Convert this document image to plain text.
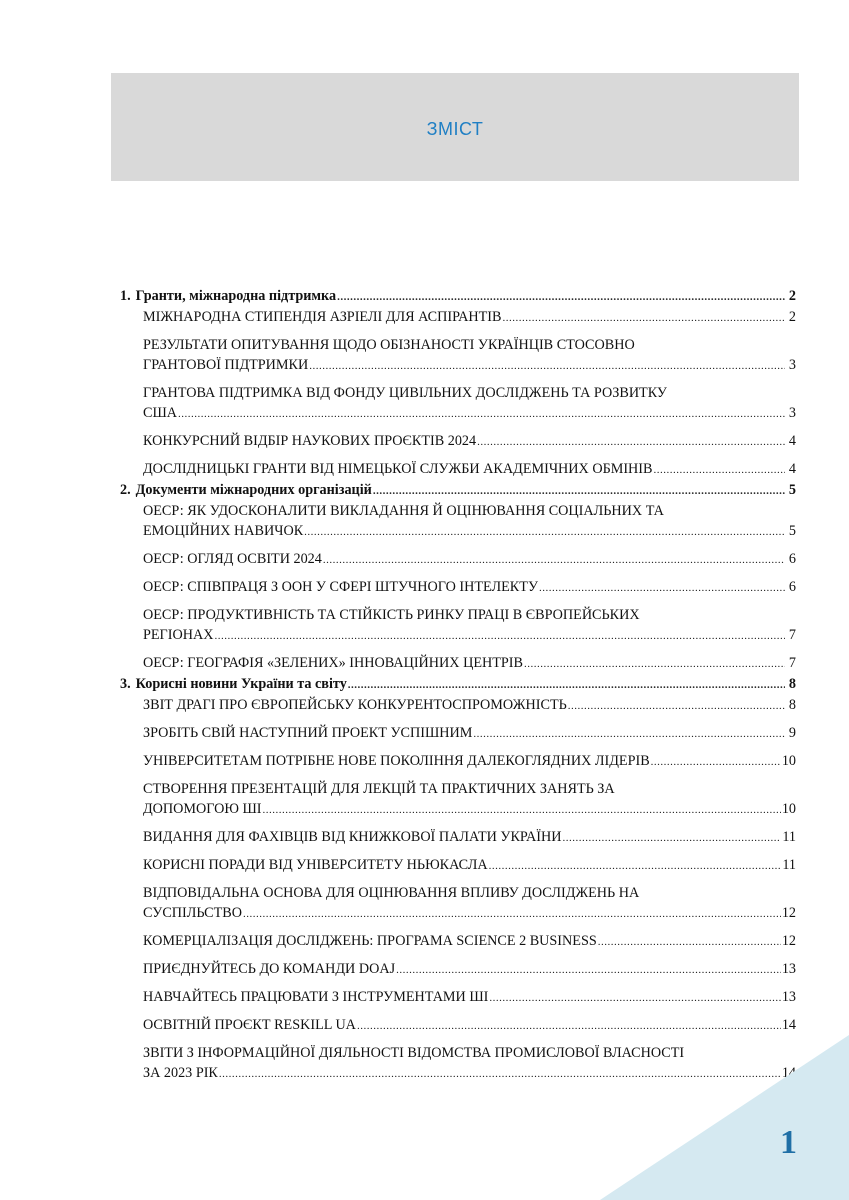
ЗМІСТ
1. Гранти, міжнародна підтримка .....	2
МІЖНАРОДНА СТИПЕНДІЯ АЗРІЕЛІ ДЛЯ АСПІРАНТІВ .....	2
РЕЗУЛЬТАТИ ОПИТУВАННЯ ЩОДО ОБІЗНАНОСТІ УКРАЇНЦІВ СТОСОВНО
ГРАНТОВОЇ ПІДТРИМКИ .....	3
ГРАНТОВА ПІДТРИМКА ВІД ФОНДУ ЦИВІЛЬНИХ ДОСЛІДЖЕНЬ ТА РОЗВИТКУ
США .....	3
КОНКУРСНИЙ ВІДБІР НАУКОВИХ ПРОЄКТІВ 2024 .....	4
ДОСЛІДНИЦЬКІ ГРАНТИ ВІД НІМЕЦЬКОЇ СЛУЖБИ АКАДЕМІЧНИХ ОБМІНІВ .....	4
2. Документи міжнародних організацій .....	5
ОЕСР: ЯК УДОСКОНАЛИТИ ВИКЛАДАННЯ Й ОЦІНЮВАННЯ СОЦІАЛЬНИХ ТА
ЕМОЦІЙНИХ НАВИЧОК .....	5
ОЕСР: ОГЛЯД ОСВІТИ 2024 .....	6
ОЕСР: СПІВПРАЦЯ З ООН У СФЕРІ ШТУЧНОГО ІНТЕЛЕКТУ .....	6
ОЕСР: ПРОДУКТИВНІСТЬ ТА СТІЙКІСТЬ РИНКУ ПРАЦІ В ЄВРОПЕЙСЬКИХ
РЕГІОНАХ .....	7
ОЕСР: ГЕОГРАФІЯ «ЗЕЛЕНИХ» ІННОВАЦІЙНИХ ЦЕНТРІВ .....	7
3. Корисні новини України та світу .....	8
ЗВІТ ДРАГІ ПРО ЄВРОПЕЙСЬКУ КОНКУРЕНТОСПРОМОЖНІСТЬ .....	8
ЗРОБІТЬ СВІЙ НАСТУПНИЙ ПРОЕКТ УСПІШНИМ .....	9
УНІВЕРСИТЕТАМ ПОТРІБНЕ НОВЕ ПОКОЛІННЯ ДАЛЕКОГЛЯДНИХ ЛІДЕРІВ .....	10
СТВОРЕННЯ ПРЕЗЕНТАЦІЙ ДЛЯ ЛЕКЦІЙ ТА ПРАКТИЧНИХ ЗАНЯТЬ ЗА
ДОПОМОГОЮ ШІ .....	10
ВИДАННЯ ДЛЯ ФАХІВЦІВ ВІД КНИЖКОВОЇ ПАЛАТИ УКРАЇНИ .....	11
КОРИСНІ ПОРАДИ ВІД УНІВЕРСИТЕТУ НЬЮКАСЛА .....	11
ВІДПОВІДАЛЬНА ОСНОВА ДЛЯ ОЦІНЮВАННЯ ВПЛИВУ ДОСЛІДЖЕНЬ НА
СУСПІЛЬСТВО .....	12
КОМЕРЦІАЛІЗАЦІЯ ДОСЛІДЖЕНЬ: ПРОГРАМА SCIENCE 2 BUSINESS .....	12
ПРИЄДНУЙТЕСЬ ДО КОМАНДИ DOAJ .....	13
НАВЧАЙТЕСЬ ПРАЦЮВАТИ З ІНСТРУМЕНТАМИ ШІ .....	13
ОСВІТНІЙ ПРОЄКТ RESKILL UA .....	14
ЗВІТИ З ІНФОРМАЦІЙНОЇ ДІЯЛЬНОСТІ ВІДОМСТВА ПРОМИСЛОВОЇ ВЛАСНОСТІ
ЗА 2023 РІК .....	14
1
